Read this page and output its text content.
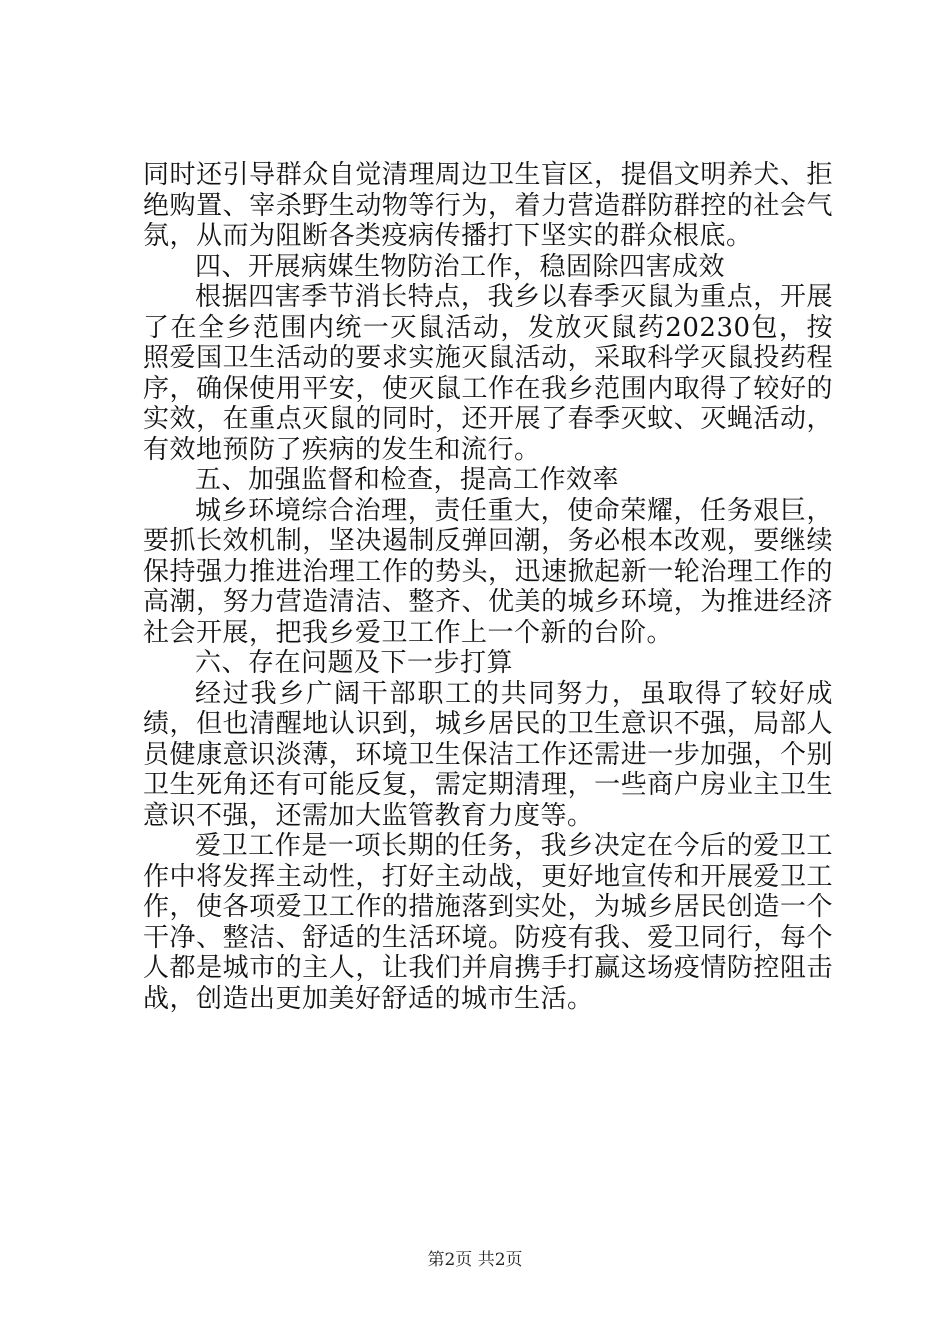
同时还引导群众自觉清理周边卫生盲区，提倡文明养犬、拒绝购置、宰杀野生动物等行为，着力营造群防群控的社会气氛，从而为阻断各类疫病传播打下坚实的群众根底。

四、开展病媒生物防治工作，稳固除四害成效

根据四害季节消长特点，我乡以春季灭鼠为重点，开展了在全乡范围内统一灭鼠活动，发放灭鼠药20230包，按照爱国卫生活动的要求实施灭鼠活动，采取科学灭鼠投药程序，确保使用平安，使灭鼠工作在我乡范围内取得了较好的实效，在重点灭鼠的同时，还开展了春季灭蚊、灭蝇活动，有效地预防了疾病的发生和流行。

五、加强监督和检查，提高工作效率

城乡环境综合治理，责任重大，使命荣耀，任务艰巨，要抓长效机制，坚决遏制反弹回潮，务必根本改观，要继续保持强力推进治理工作的势头，迅速掀起新一轮治理工作的高潮，努力营造清洁、整齐、优美的城乡环境，为推进经济社会开展，把我乡爱卫工作上一个新的台阶。

六、存在问题及下一步打算

经过我乡广阔干部职工的共同努力，虽取得了较好成绩，但也清醒地认识到，城乡居民的卫生意识不强，局部人员健康意识淡薄，环境卫生保洁工作还需进一步加强，个别卫生死角还有可能反复，需定期清理，一些商户房业主卫生意识不强，还需加大监管教育力度等。

爱卫工作是一项长期的任务，我乡决定在今后的爱卫工作中将发挥主动性，打好主动战，更好地宣传和开展爱卫工作，使各项爱卫工作的措施落到实处，为城乡居民创造一个干净、整洁、舒适的生活环境。防疫有我、爱卫同行，每个人都是城市的主人，让我们并肩携手打赢这场疫情防控阻击战，创造出更加美好舒适的城市生活。

第2页 共2页
